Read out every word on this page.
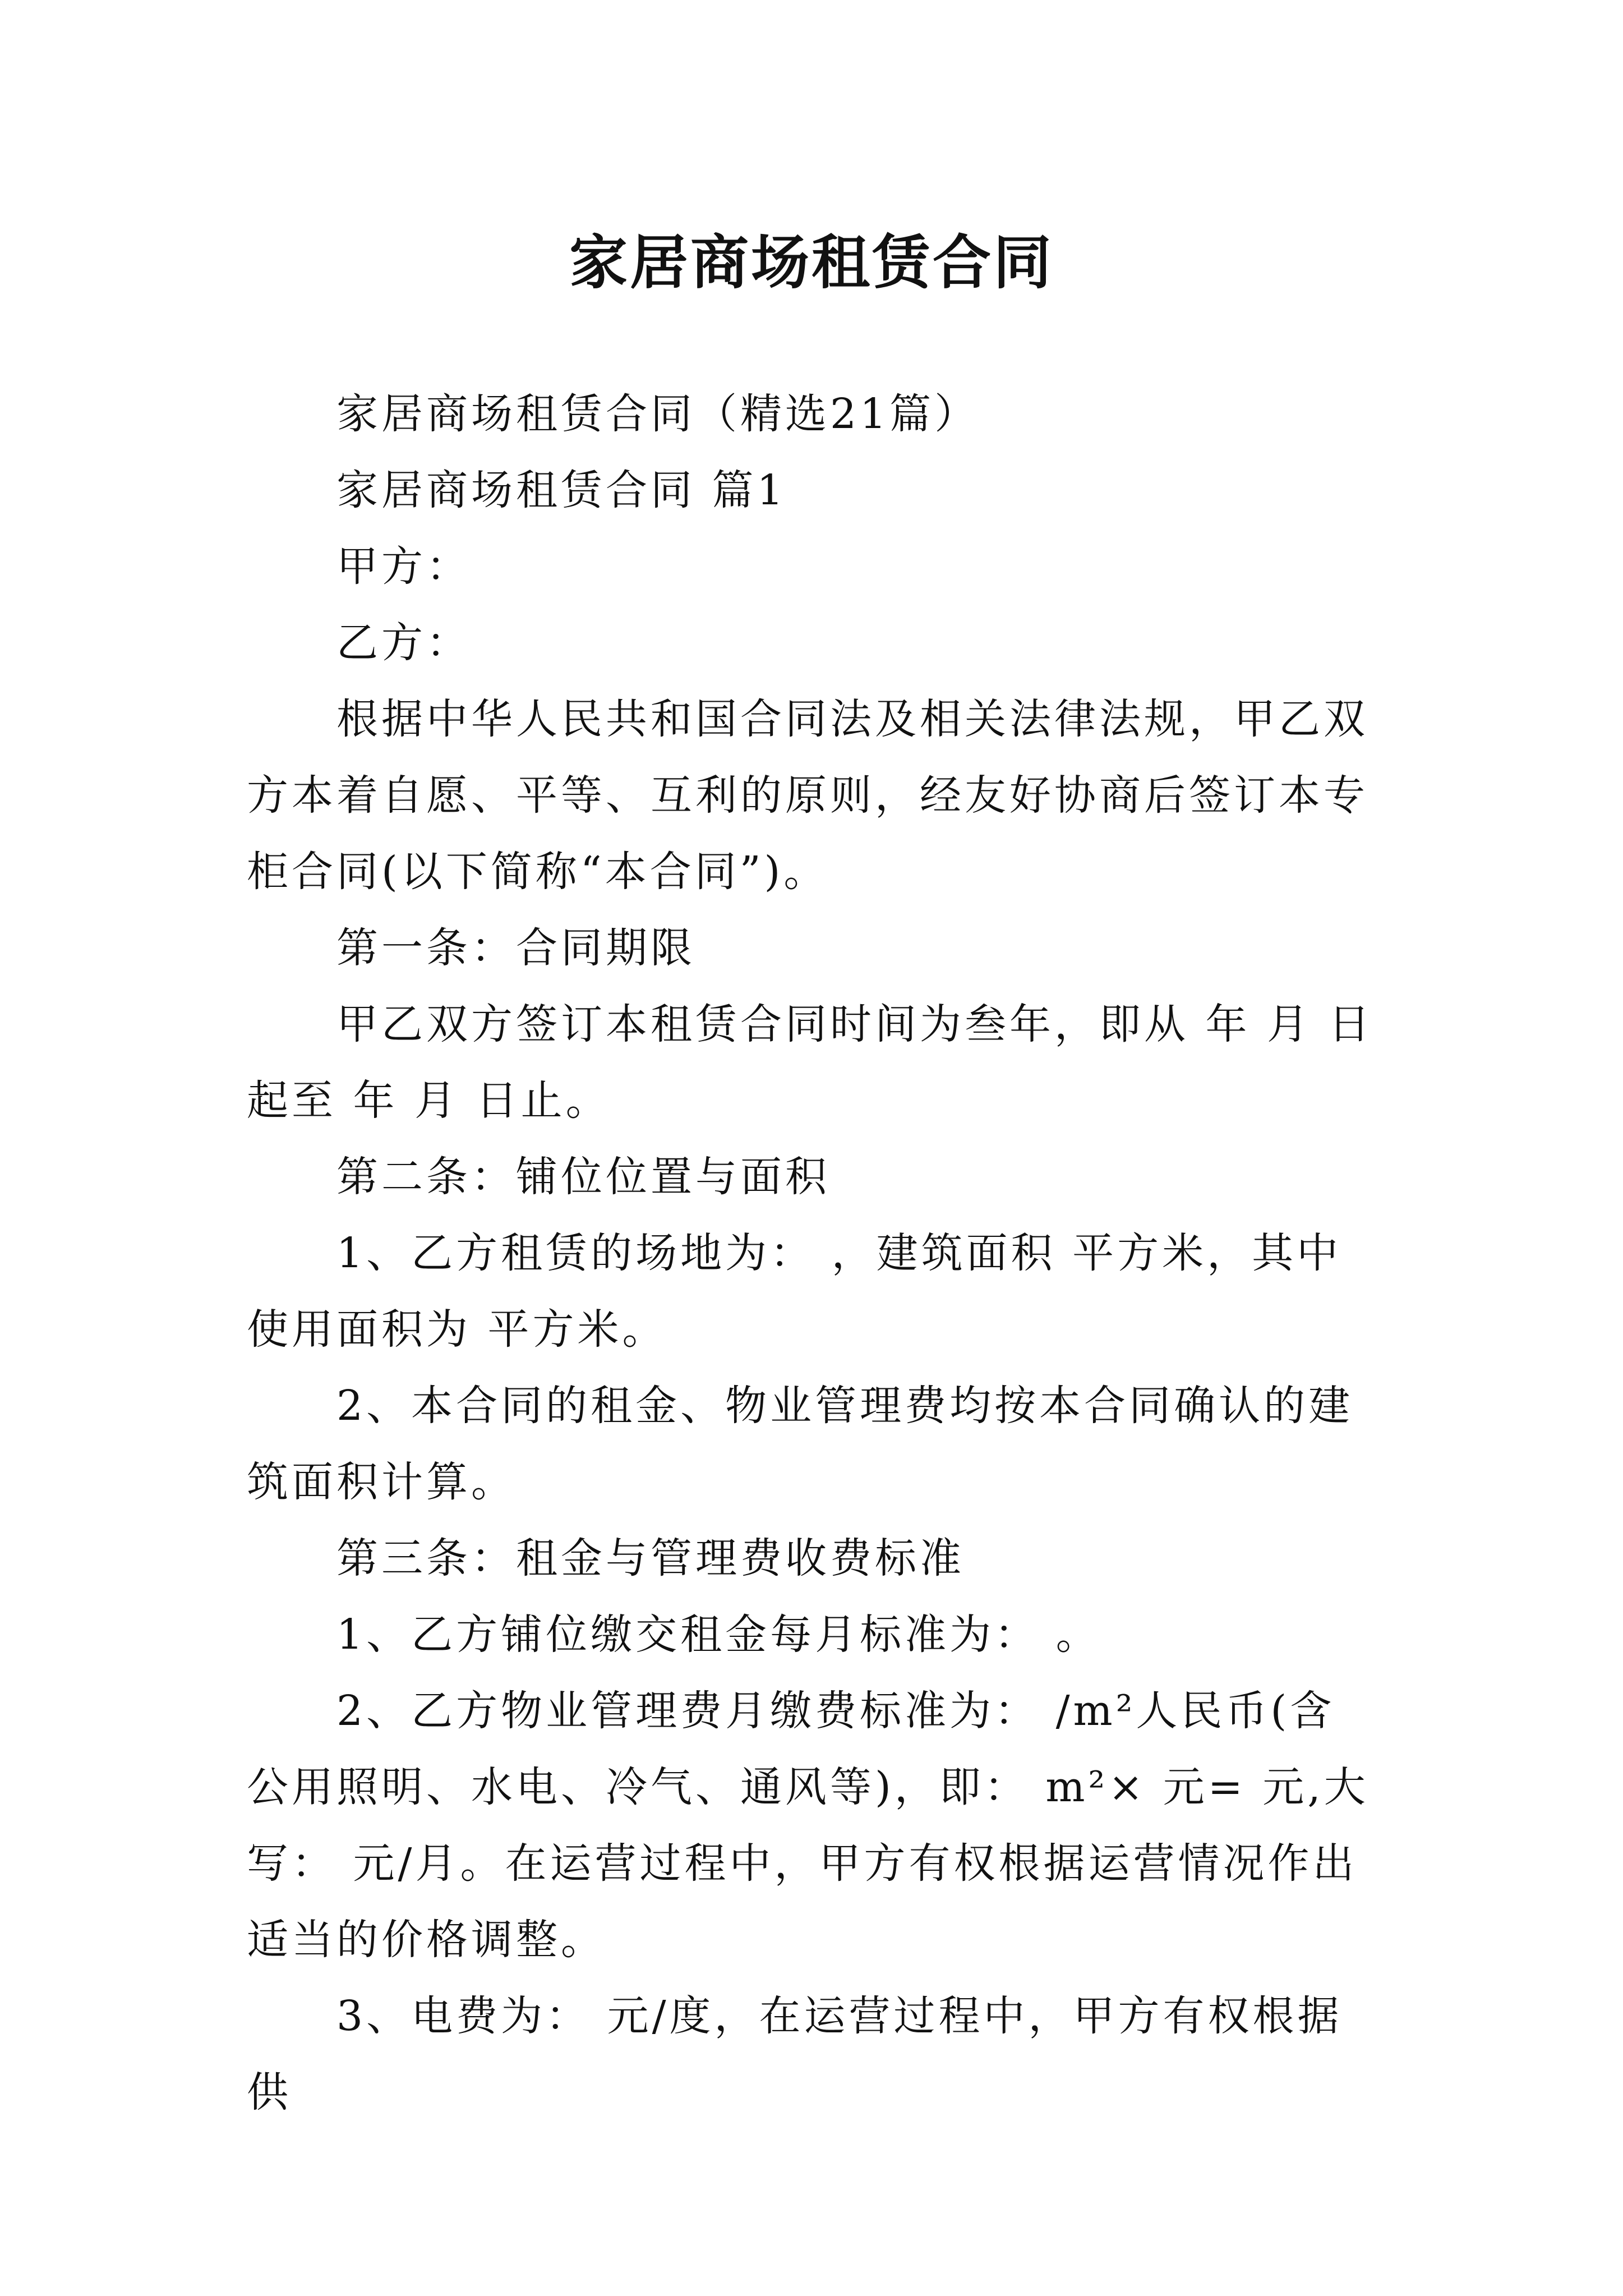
家居商场租赁合同

家居商场租赁合同（精选21篇）

家居商场租赁合同 篇1

甲方：

乙方：

根据中华人民共和国合同法及相关法律法规，甲乙双方本着自愿、平等、互利的原则，经友好协商后签订本专柜合同(以下简称“本合同”)。

第一条：合同期限

甲乙双方签订本租赁合同时间为叁年，即从 年 月 日起至 年 月 日止。

第二条：铺位位置与面积

1、乙方租赁的场地为： ，建筑面积 平方米，其中使用面积为 平方米。

2、本合同的租金、物业管理费均按本合同确认的建筑面积计算。

第三条：租金与管理费收费标准

1、乙方铺位缴交租金每月标准为： 。

2、乙方物业管理费月缴费标准为： /m²人民币(含公用照明、水电、冷气、通风等)，即： m²× 元= 元,大写： 元/月。在运营过程中，甲方有权根据运营情况作出适当的价格调整。

3、电费为： 元/度，在运营过程中，甲方有权根据供
